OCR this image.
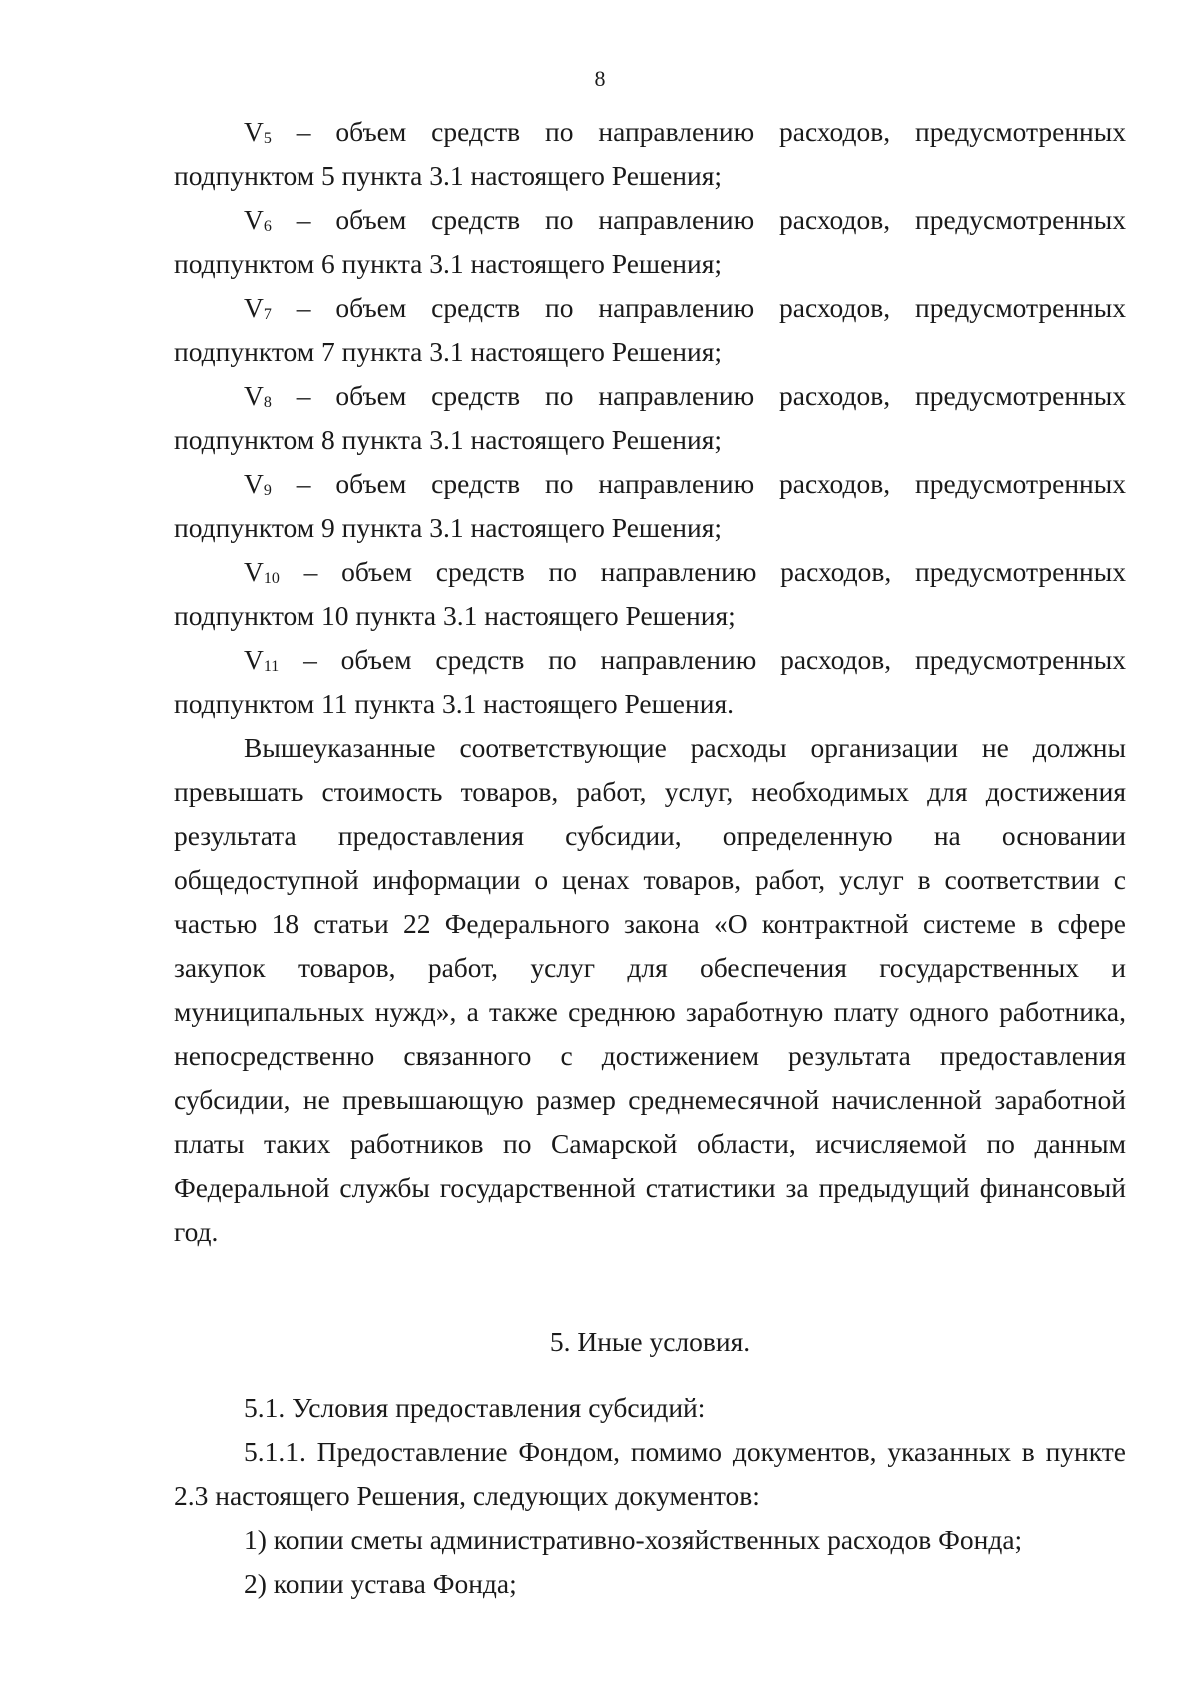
8
$V_5$ – объем средств по направлению расходов, предусмотренных
подпунктом 5 пункта 3.1 настоящего Решения;
$V_6$ – объем средств по направлению расходов, предусмотренных
подпунктом 6 пункта 3.1 настоящего Решения;
$V_7$ – объем средств по направлению расходов, предусмотренных
подпунктом 7 пункта 3.1 настоящего Решения;
$V_8$ – объем средств по направлению расходов, предусмотренных
подпунктом 8 пункта 3.1 настоящего Решения;
$V_9$ – объем средств по направлению расходов, предусмотренных
подпунктом 9 пункта 3.1 настоящего Решения;
$V_{10}$ – объем средств по направлению расходов, предусмотренных
подпунктом 10 пункта 3.1 настоящего Решения;
$V_{11}$ – объем средств по направлению расходов, предусмотренных
подпунктом 11 пункта 3.1 настоящего Решения.

Вышеуказанные соответствующие расходы организации не должны превышать стоимость товаров, работ, услуг, необходимых для достижения результата предоставления субсидии, определенную на основании общедоступной информации о ценах товаров, работ, услуг в соответствии с частью 18 статьи 22 Федерального закона «О контрактной системе в сфере закупок товаров, работ, услуг для обеспечения государственных и муниципальных нужд», а также среднюю заработную плату одного работника, непосредственно связанного с достижением результата предоставления субсидии, не превышающую размер среднемесячной начисленной заработной платы таких работников по Самарской области, исчисляемой по данным Федеральной службы государственной статистики за предыдущий финансовый год.

5. Иные условия.

5.1. Условия предоставления субсидий:

5.1.1. Предоставление Фондом, помимо документов, указанных в пункте 2.3 настоящего Решения, следующих документов:

1) копии сметы административно-хозяйственных расходов Фонда;

2) копии устава Фонда;
